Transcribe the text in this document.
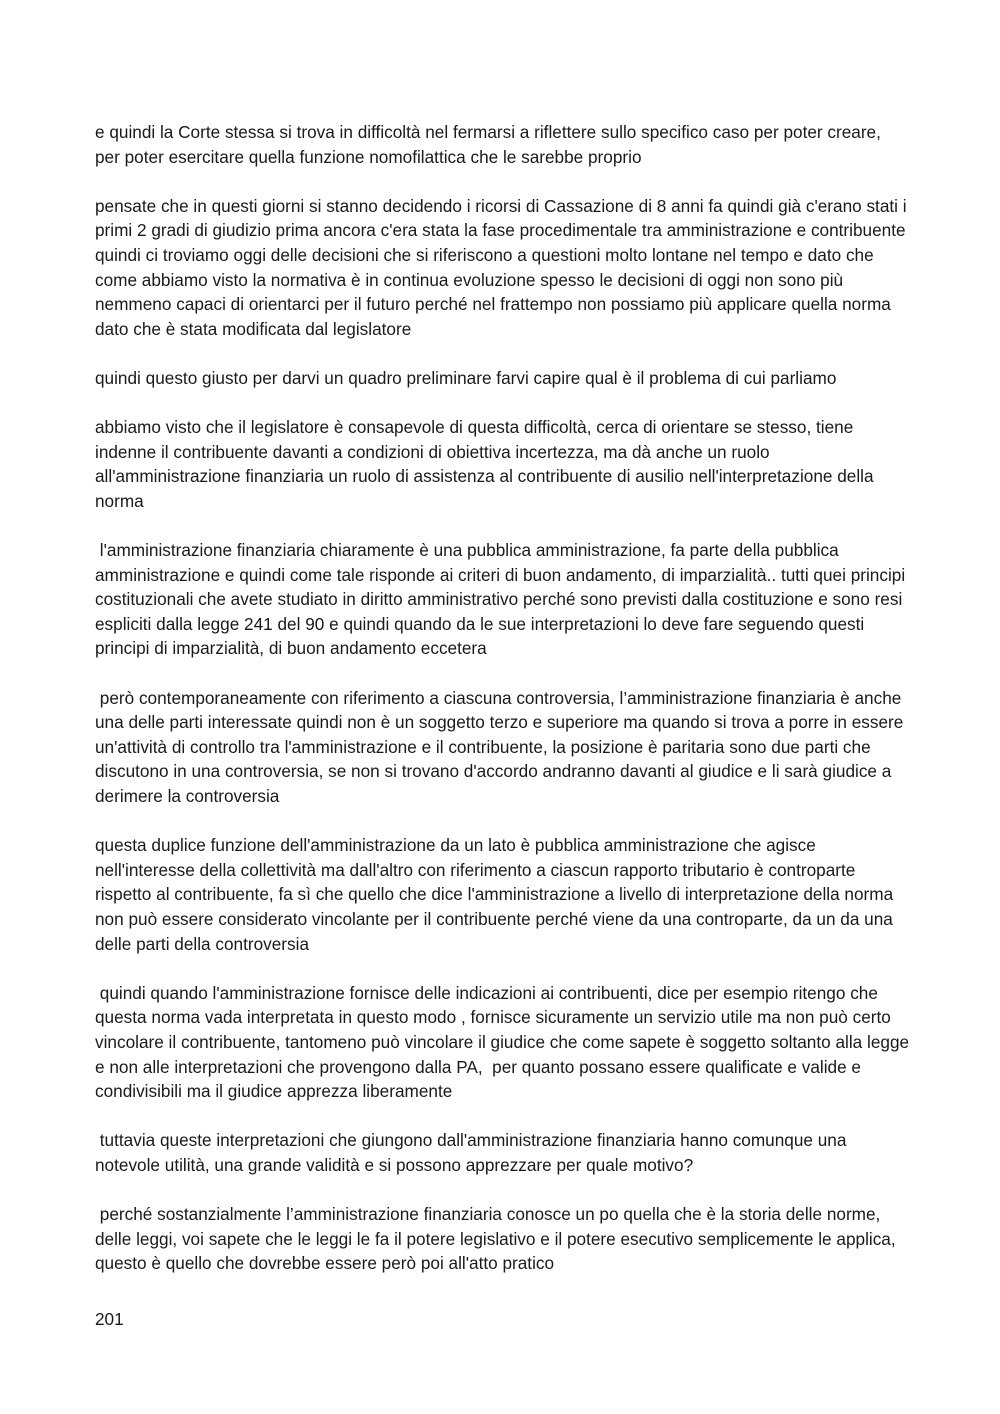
e quindi la Corte stessa si trova in difficoltà nel fermarsi a riflettere sullo specifico caso per poter creare, per poter esercitare quella funzione nomofilattica che le sarebbe proprio

pensate che in questi giorni si stanno decidendo i ricorsi di Cassazione di 8 anni fa quindi già c'erano stati i primi 2 gradi di giudizio prima ancora c'era stata la fase procedimentale tra amministrazione e contribuente quindi ci troviamo oggi delle decisioni che si riferiscono a questioni molto lontane nel tempo e dato che come abbiamo visto la normativa è in continua evoluzione spesso le decisioni di oggi non sono più nemmeno capaci di orientarci per il futuro perché nel frattempo non possiamo più applicare quella norma dato che è stata modificata dal legislatore

quindi questo giusto per darvi un quadro preliminare farvi capire qual è il problema di cui parliamo

abbiamo visto che il legislatore è consapevole di questa difficoltà, cerca di orientare se stesso, tiene indenne il contribuente davanti a condizioni di obiettiva incertezza, ma dà anche un ruolo all'amministrazione finanziaria un ruolo di assistenza al contribuente di ausilio nell'interpretazione della norma

l'amministrazione finanziaria chiaramente è una pubblica amministrazione, fa parte della pubblica amministrazione e quindi come tale risponde ai criteri di buon andamento, di imparzialità.. tutti quei principi costituzionali che avete studiato in diritto amministrativo perché sono previsti dalla costituzione e sono resi espliciti dalla legge 241 del 90 e quindi quando da le sue interpretazioni lo deve fare seguendo questi principi di imparzialità, di buon andamento eccetera

però contemporaneamente con riferimento a ciascuna controversia, l’amministrazione finanziaria è anche una delle parti interessate quindi non è un soggetto terzo e superiore ma quando si trova a porre in essere un'attività di controllo tra l'amministrazione e il contribuente, la posizione è paritaria sono due parti che discutono in una controversia, se non si trovano d'accordo andranno davanti al giudice e li sarà giudice a derimere la controversia

questa duplice funzione dell'amministrazione da un lato è pubblica amministrazione che agisce nell'interesse della collettività ma dall'altro con riferimento a ciascun rapporto tributario è controparte rispetto al contribuente, fa sì che quello che dice l'amministrazione a livello di interpretazione della norma non può essere considerato vincolante per il contribuente perché viene da una controparte, da un da una delle parti della controversia

quindi quando l'amministrazione fornisce delle indicazioni ai contribuenti, dice per esempio ritengo che questa norma vada interpretata in questo modo , fornisce sicuramente un servizio utile ma non può certo vincolare il contribuente, tantomeno può vincolare il giudice che come sapete è soggetto soltanto alla legge e non alle interpretazioni che provengono dalla PA,  per quanto possano essere qualificate e valide e condivisibili ma il giudice apprezza liberamente

tuttavia queste interpretazioni che giungono dall'amministrazione finanziaria hanno comunque una notevole utilità, una grande validità e si possono apprezzare per quale motivo?

perché sostanzialmente l’amministrazione finanziaria conosce un po quella che è la storia delle norme, delle leggi, voi sapete che le leggi le fa il potere legislativo e il potere esecutivo semplicemente le applica, questo è quello che dovrebbe essere però poi all'atto pratico

201
